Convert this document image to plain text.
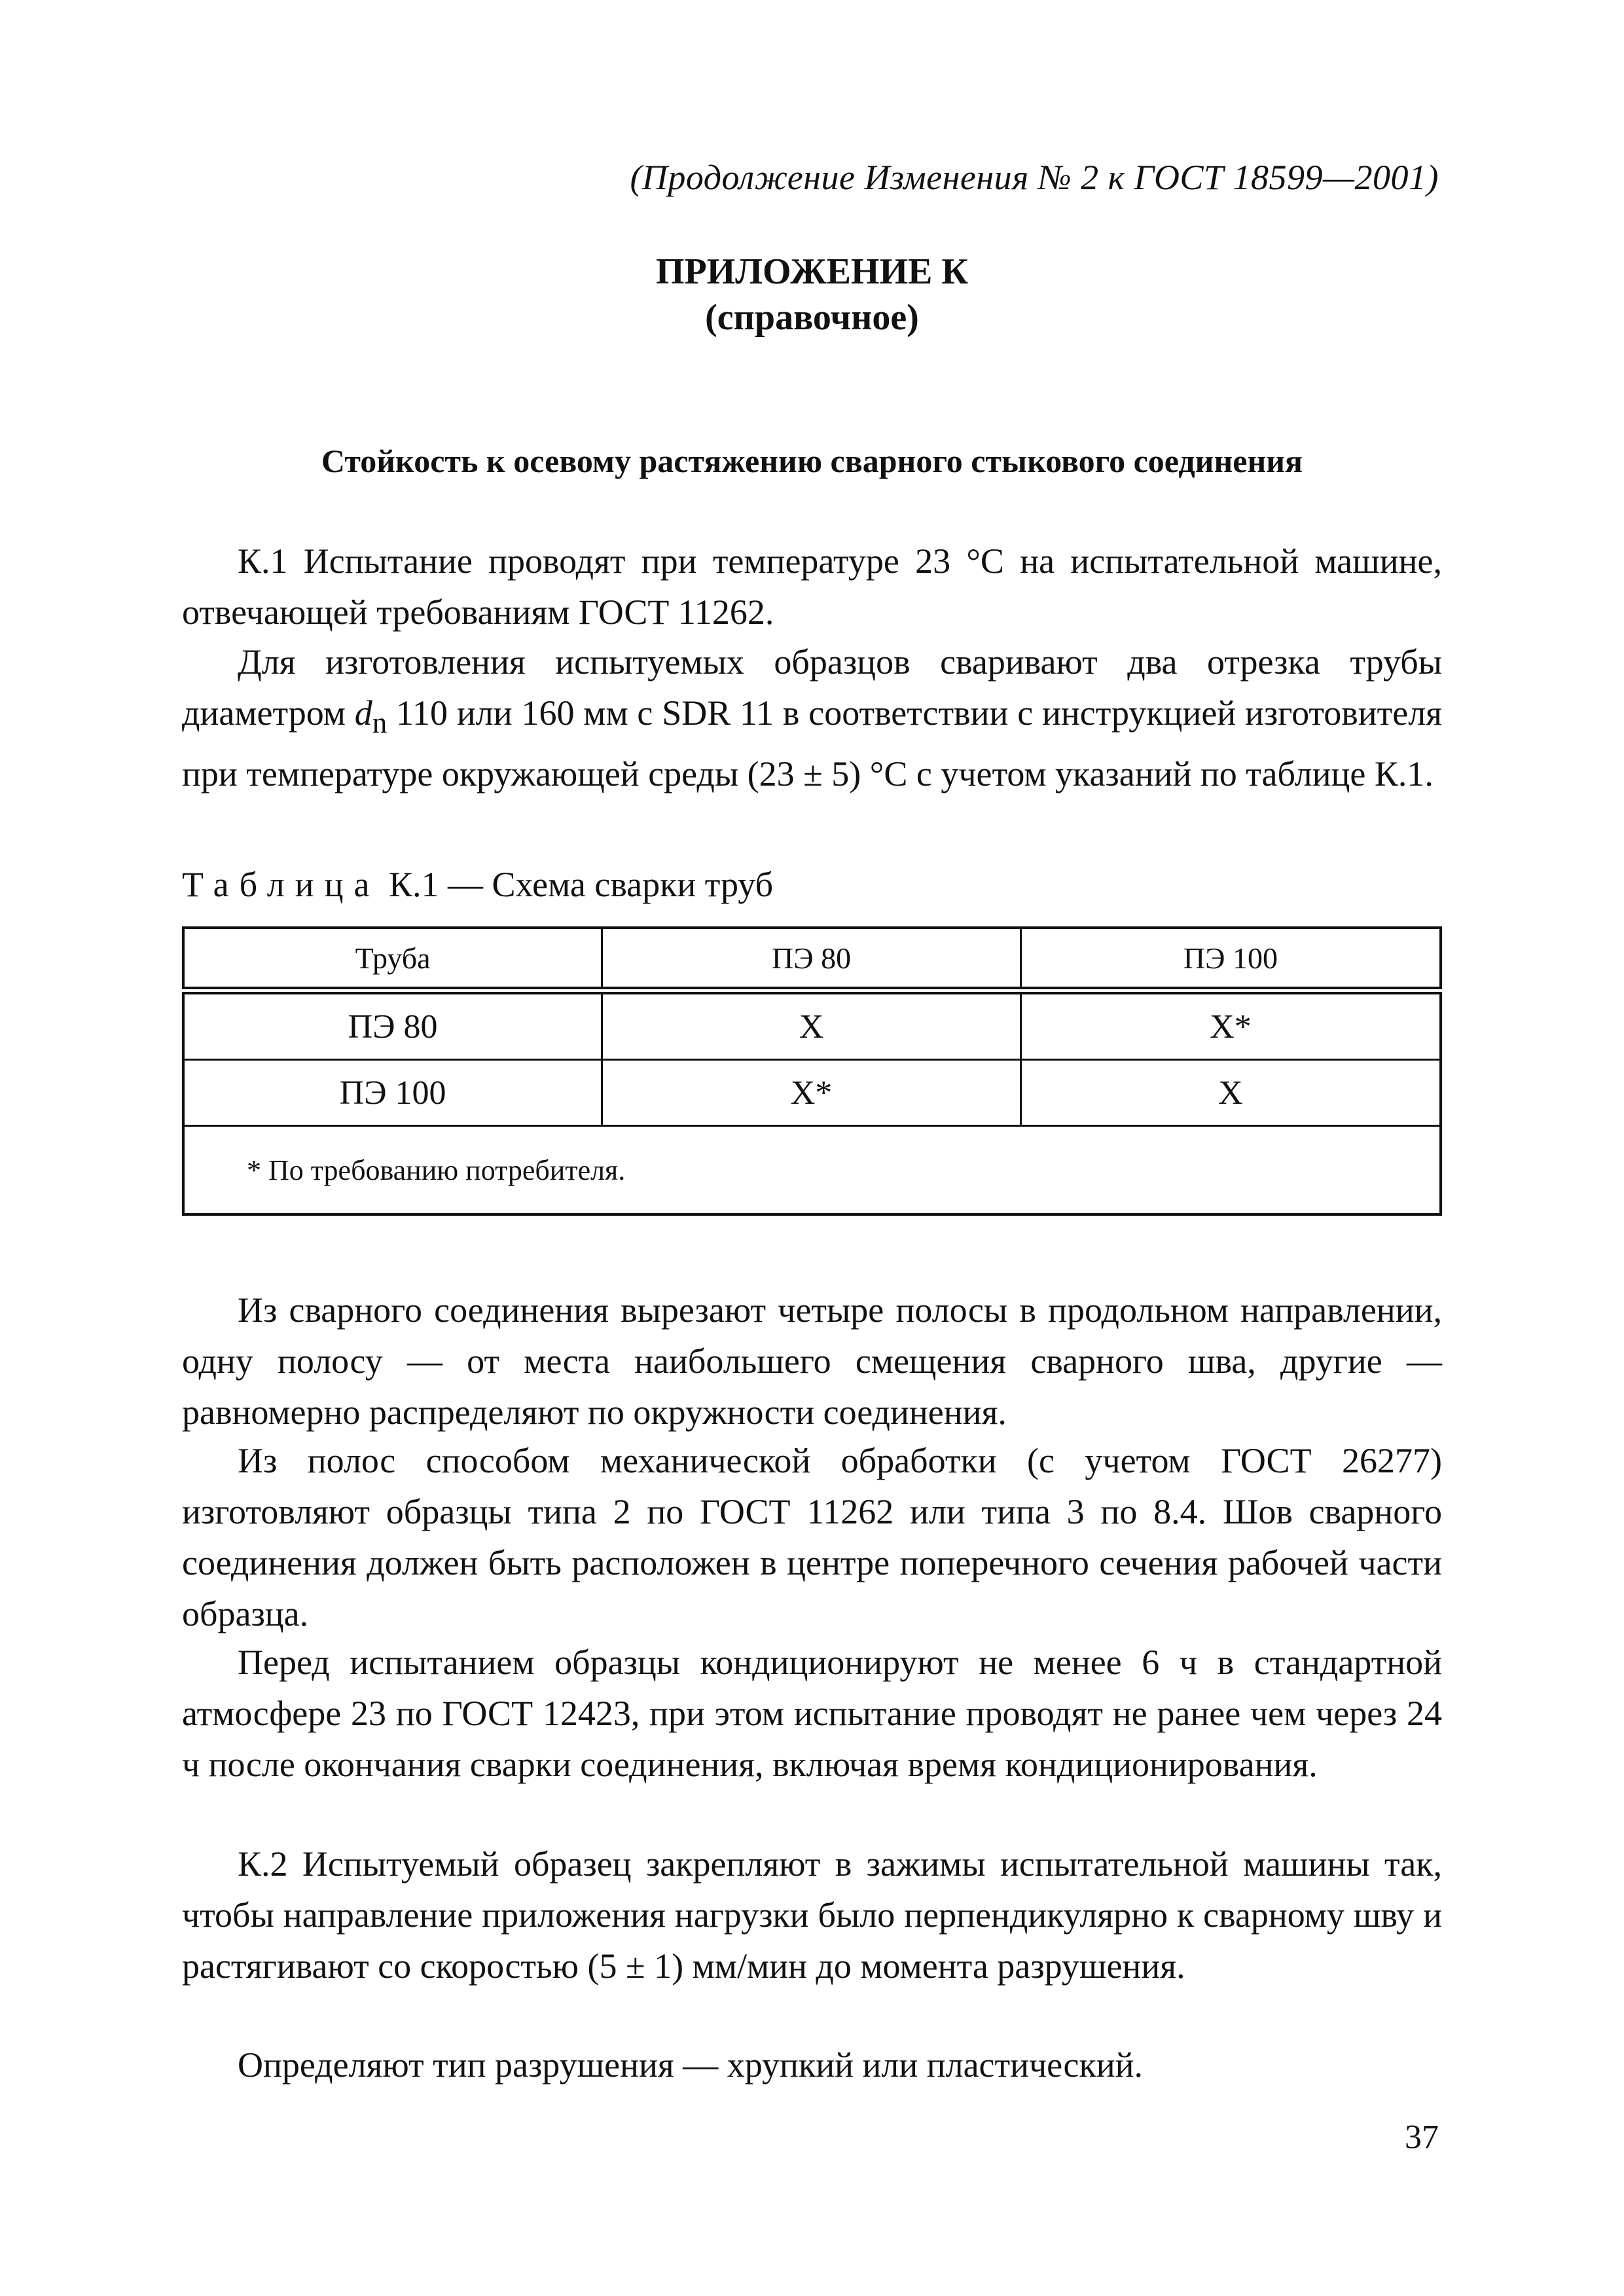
(Продолжение Изменения № 2 к ГОСТ 18599—2001)
ПРИЛОЖЕНИЕ К
(справочное)
Стойкость к осевому растяжению сварного стыкового соединения

К.1 Испытание проводят при температуре 23 °С на испытательной машине, отвечающей требованиям ГОСТ 11262.

Для изготовления испытуемых образцов сваривают два отрезка трубы диаметром $d_n$ 110 или 160 мм с SDR 11 в соответствии с инструкцией изготовителя при температуре окружающей среды (23 ± 5) °С с учетом указаний по таблице К.1.

Таблица К.1 — Схема сварки труб
Труба	ПЭ 80	ПЭ 100
ПЭ 80	X	X*
ПЭ 100	X*	X
* По требованию потребителя.		

Из сварного соединения вырезают четыре полосы в продольном направлении, одну полосу — от места наибольшего смещения сварного шва, другие — равномерно распределяют по окружности соединения.

Из полос способом механической обработки (с учетом ГОСТ 26277) изготовляют образцы типа 2 по ГОСТ 11262 или типа 3 по 8.4. Шов сварного соединения должен быть расположен в центре поперечного сечения рабочей части образца.

Перед испытанием образцы кондиционируют не менее 6 ч в стандартной атмосфере 23 по ГОСТ 12423, при этом испытание проводят не ранее чем через 24 ч после окончания сварки соединения, включая время кондиционирования.

К.2 Испытуемый образец закрепляют в зажимы испытательной машины так, чтобы направление приложения нагрузки было перпендикулярно к сварному шву и растягивают со скоростью (5 ± 1) мм/мин до момента разрушения.

Определяют тип разрушения — хрупкий или пластический.

37
